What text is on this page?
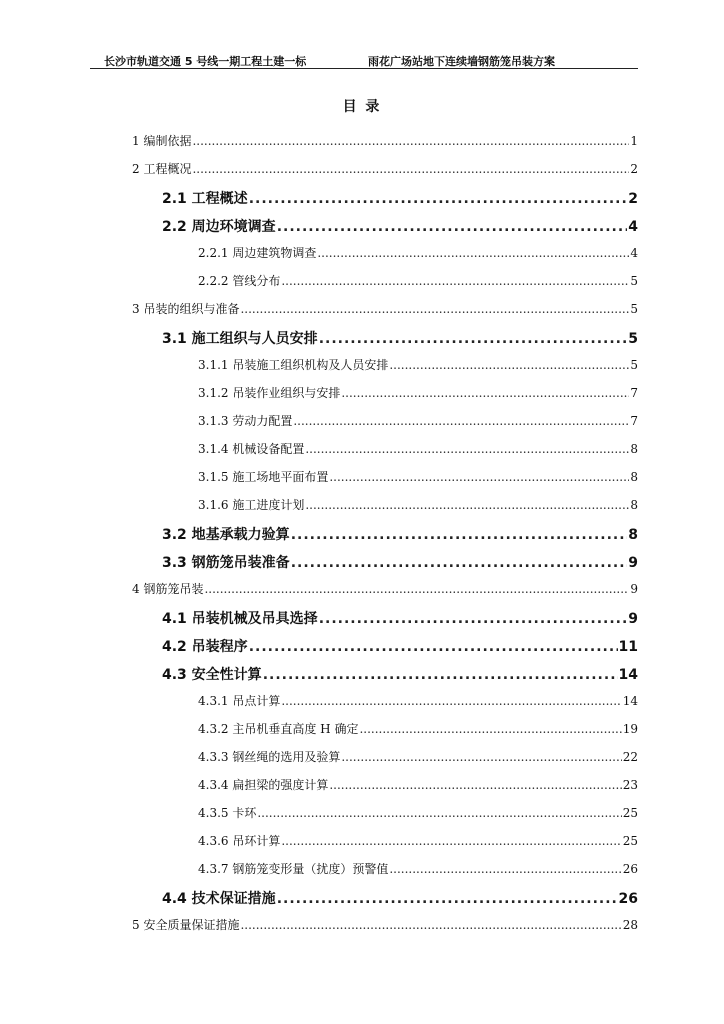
长沙市轨道交通 5 号线一期工程土建一标	雨花广场站地下连续墙钢筋笼吊装方案
目 录
1 编制依据 .....	1
2 工程概况 .....	2
2.1 工程概述 .....	2
2.2 周边环境调查 .....	4
2.2.1 周边建筑物调查 .....	4
2.2.2 管线分布 .....	5
3 吊装的组织与准备 .....	5
3.1 施工组织与人员安排 .....	5
3.1.1 吊装施工组织机构及人员安排 .....	5
3.1.2 吊装作业组织与安排 .....	7
3.1.3 劳动力配置 .....	7
3.1.4 机械设备配置 .....	8
3.1.5 施工场地平面布置 .....	8
3.1.6 施工进度计划 .....	8
3.2 地基承载力验算 .....	8
3.3 钢筋笼吊装准备 .....	9
4 钢筋笼吊装 .....	9
4.1 吊装机械及吊具选择 .....	9
4.2 吊装程序 .....	11
4.3 安全性计算 .....	14
4.3.1 吊点计算 .....	14
4.3.2 主吊机垂直高度 H 确定 .....	19
4.3.3 钢丝绳的选用及验算 .....	22
4.3.4 扁担梁的强度计算 .....	23
4.3.5 卡环 .....	25
4.3.6 吊环计算 .....	25
4.3.7 钢筋笼变形量（扰度）预警值 .....	26
4.4 技术保证措施 .....	26
5 安全质量保证措施 .....	28
